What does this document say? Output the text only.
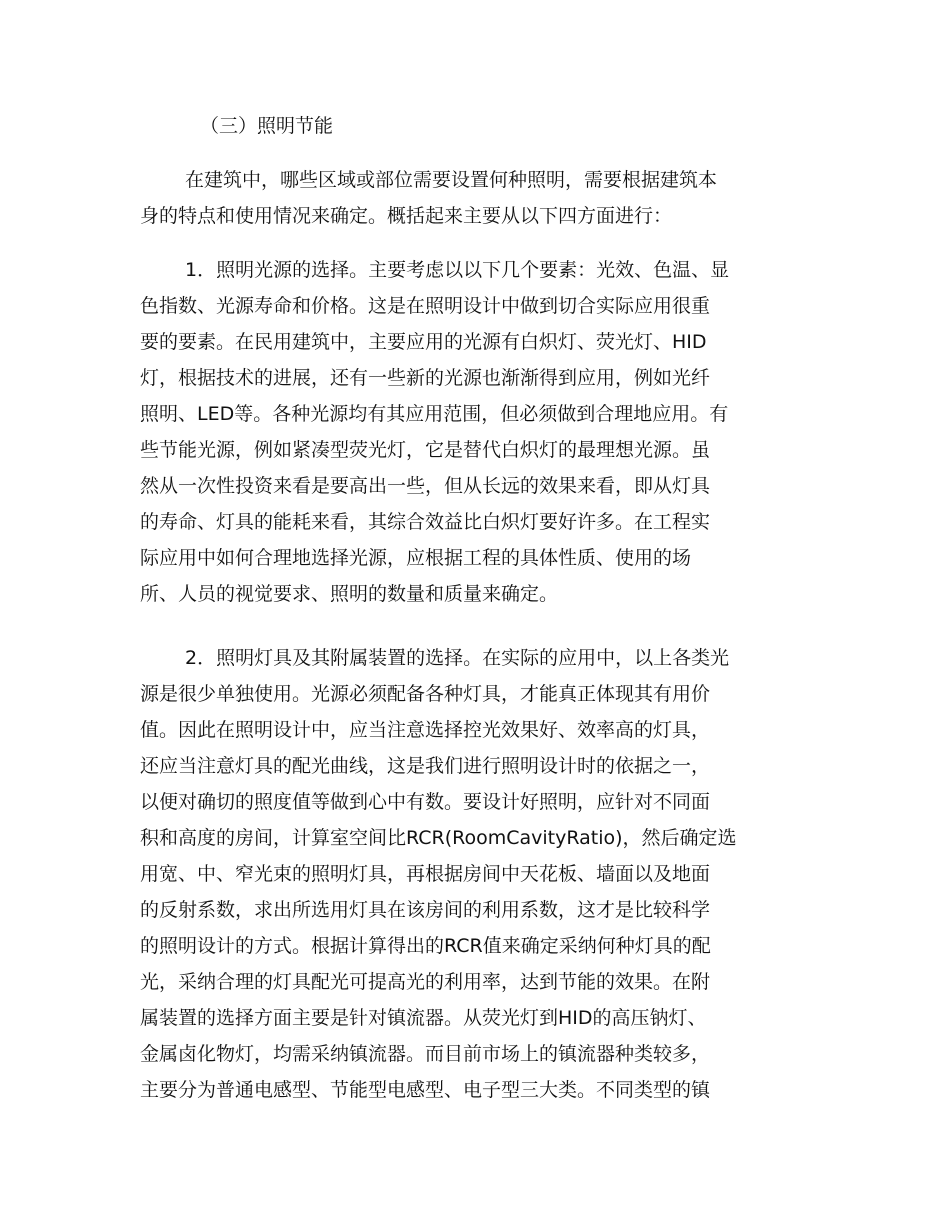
（三）照明节能
在建筑中，哪些区域或部位需要设置何种照明，需要根据建筑本
身的特点和使用情况来确定。概括起来主要从以下四方面进行：
1．照明光源的选择。主要考虑以以下几个要素：光效、色温、显
色指数、光源寿命和价格。这是在照明设计中做到切合实际应用很重
要的要素。在民用建筑中，主要应用的光源有白炽灯、荧光灯、HID
灯，根据技术的进展，还有一些新的光源也渐渐得到应用，例如光纤
照明、LED等。各种光源均有其应用范围，但必须做到合理地应用。有
些节能光源，例如紧凑型荧光灯，它是替代白炽灯的最理想光源。虽
然从一次性投资来看是要高出一些，但从长远的效果来看，即从灯具
的寿命、灯具的能耗来看，其综合效益比白炽灯要好许多。在工程实
际应用中如何合理地选择光源，应根据工程的具体性质、使用的场
所、人员的视觉要求、照明的数量和质量来确定。
2．照明灯具及其附属装置的选择。在实际的应用中，以上各类光
源是很少单独使用。光源必须配备各种灯具，才能真正体现其有用价
值。因此在照明设计中，应当注意选择控光效果好、效率高的灯具，
还应当注意灯具的配光曲线，这是我们进行照明设计时的依据之一，
以便对确切的照度值等做到心中有数。要设计好照明，应针对不同面
积和高度的房间，计算室空间比RCR(RoomCavityRatio)，然后确定选
用宽、中、窄光束的照明灯具，再根据房间中天花板、墙面以及地面
的反射系数，求出所选用灯具在该房间的利用系数，这才是比较科学
的照明设计的方式。根据计算得出的RCR值来确定采纳何种灯具的配
光，采纳合理的灯具配光可提高光的利用率，达到节能的效果。在附
属装置的选择方面主要是针对镇流器。从荧光灯到HID的高压钠灯、
金属卤化物灯，均需采纳镇流器。而目前市场上的镇流器种类较多，
主要分为普通电感型、节能型电感型、电子型三大类。不同类型的镇
